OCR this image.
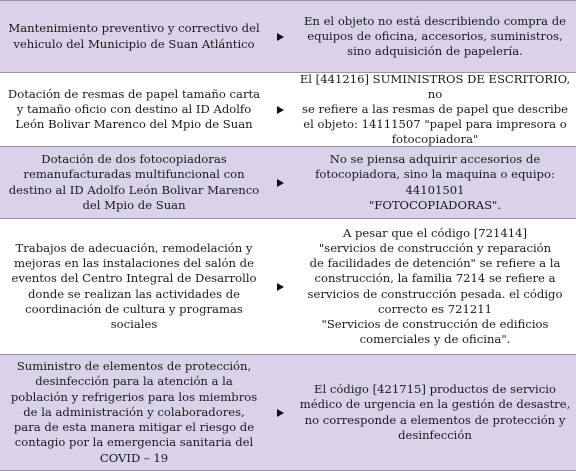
Mantenimiento preventivo y correctivo del
vehiculo del Municipio de Suan Atlántico
En el objeto no está describiendo compra de
equipos de oficina, accesorios, suministros,
sino adquisición de papelería.
Dotación de resmas de papel tamaño carta
y tamaño oficio con destino al ID Adolfo
León Bolivar Marenco del Mpio de Suan
El [441216] SUMINISTROS DE ESCRITORIO, no
se refiere a las resmas de papel que describe
el objeto: 14111507 "papel para impresora o
fotocopiadora"
Dotación de dos fotocopiadoras
remanufacturadas multifuncional con
destino al ID Adolfo León Bolivar Marenco
del Mpio de Suan
No se piensa adquirir accesorios de
fotocopiadora, sino la maquina o equipo:
44101501
"FOTOCOPIADORAS".
Trabajos de adecuación, remodelación y
mejoras en las instalaciones del salón de
eventos del Centro Integral de Desarrollo
donde se realizan las actividades de
coordinación de cultura y programas
sociales
A pesar que el código [721414]
"servicios de construcción y reparación
de facilidades de detención" se refiere a la
construcción, la familia 7214 se refiere a
servicios de construcción pesada. el código
correcto es 721211
"Servicios de construcción de edificios
comerciales y de oficina".
Suministro de elementos de protección,
desinfección para la atención a la
población y refrigerios para los miembros
de la administración y colaboradores,
para de esta manera mitigar el riesgo de
contagio por la emergencia sanitaria del
COVID – 19
El código [421715] productos de servicio
médico de urgencia en la gestión de desastre,
no corresponde a elementos de protección y
desinfección
